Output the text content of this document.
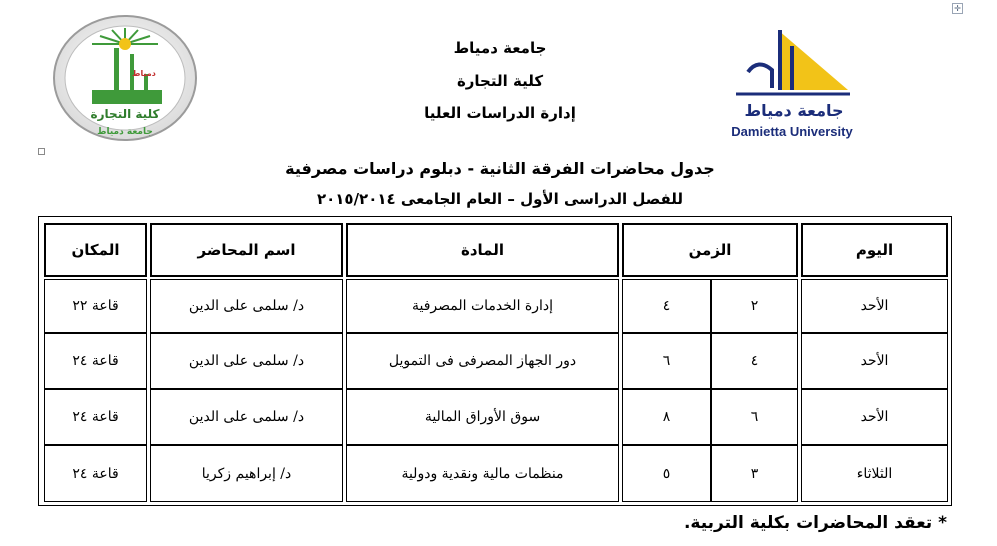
✛
دمياط
كلية التجارة
جامعة دمياط
جامعة دمياط
Damietta University
جامعة دمياط
كلية التجارة
إدارة الدراسات العليا
جدول محاضرات الفرقة الثانية - دبلوم دراسات مصرفية
للفصل الدراسى الأول – العام الجامعى ٢٠١٥/٢٠١٤
اليوم
الزمن
المادة
اسم المحاضر
المكان
الأحد
٢
٤
إدارة الخدمات المصرفية
د/ سلمى على الدين
قاعة ٢٢
الأحد
٤
٦
دور الجهاز المصرفى فى التمويل
د/ سلمى على الدين
قاعة ٢٤
الأحد
٦
٨
سوق الأوراق المالية
د/ سلمى على الدين
قاعة ٢٤
الثلاثاء
٣
٥
منظمات مالية ونقدية ودولية
د/ إبراهيم زكريا
قاعة ٢٤
* تعقد المحاضرات بكلية التربية.
